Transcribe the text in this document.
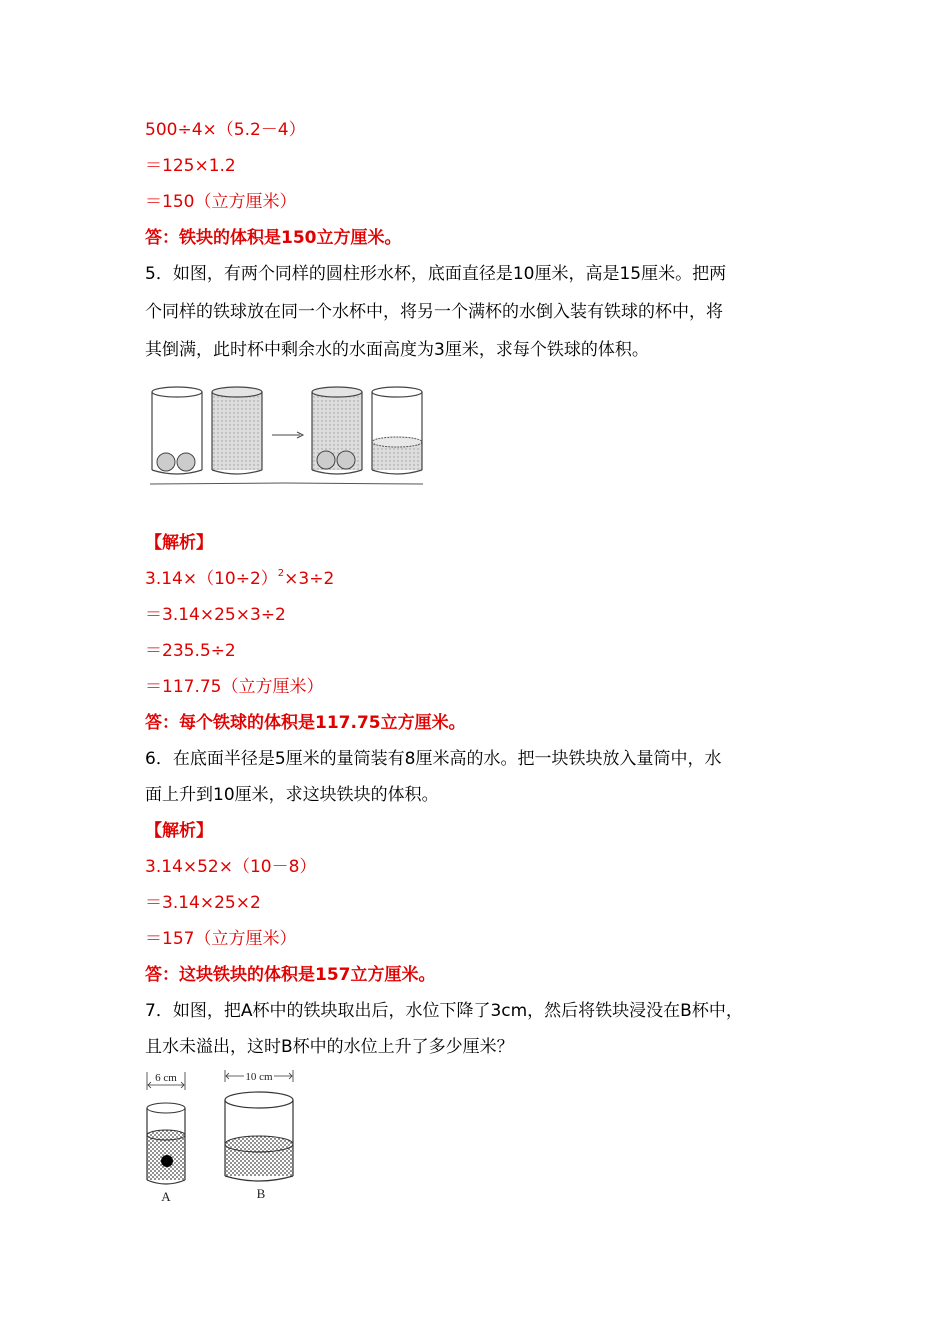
500÷4×（5.2－4）
＝125×1.2
＝150（立方厘米）
答：铁块的体积是150立方厘米。
5．如图，有两个同样的圆柱形水杯，底面直径是10厘米，高是15厘米。把两
个同样的铁球放在同一个水杯中，将另一个满杯的水倒入装有铁球的杯中，将
其倒满，此时杯中剩余水的水面高度为3厘米，求每个铁球的体积。
【解析】
$3.14\times(10\div 2)^2\times 3\div 2$
＝3.14×25×3÷2
＝235.5÷2
＝117.75（立方厘米）
答：每个铁球的体积是117.75立方厘米。
6．在底面半径是5厘米的量筒装有8厘米高的水。把一块铁块放入量筒中，水
面上升到10厘米，求这块铁块的体积。
【解析】
3.14×52×（10－8）
＝3.14×25×2
＝157（立方厘米）
答：这块铁块的体积是157立方厘米。
7．如图，把A杯中的铁块取出后，水位下降了3cm，然后将铁块浸没在B杯中，
且水未溢出，这时B杯中的水位上升了多少厘米？
6 cm
A
10 cm
B
